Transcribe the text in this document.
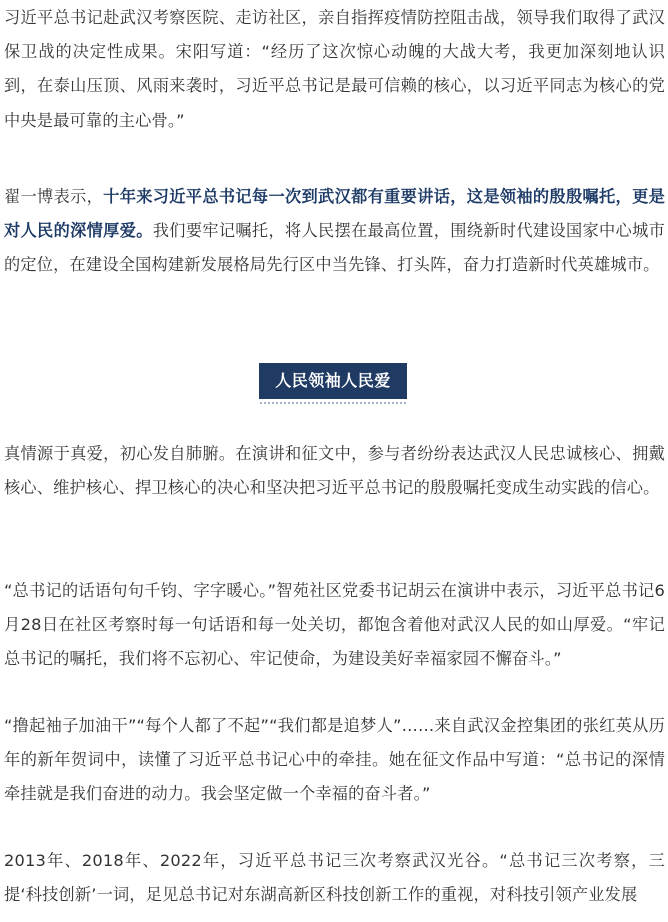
习近平总书记赴武汉考察医院、走访社区，亲自指挥疫情防控阻击战，领导我们取得了武汉保卫战的决定性成果。宋阳写道：“经历了这次惊心动魄的大战大考，我更加深刻地认识到，在泰山压顶、风雨来袭时，习近平总书记是最可信赖的核心，以习近平同志为核心的党中央是最可靠的主心骨。”

翟一博表示，十年来习近平总书记每一次到武汉都有重要讲话，这是领袖的殷殷嘱托，更是对人民的深情厚爱。我们要牢记嘱托，将人民摆在最高位置，围绕新时代建设国家中心城市的定位，在建设全国构建新发展格局先行区中当先锋、打头阵，奋力打造新时代英雄城市。

真情源于真爱，初心发自肺腑。在演讲和征文中，参与者纷纷表达武汉人民忠诚核心、拥戴核心、维护核心、捍卫核心的决心和坚决把习近平总书记的殷殷嘱托变成生动实践的信心。

“总书记的话语句句千钧、字字暖心。”智苑社区党委书记胡云在演讲中表示，习近平总书记6月28日在社区考察时每一句话语和每一处关切，都饱含着他对武汉人民的如山厚爱。“牢记总书记的嘱托，我们将不忘初心、牢记使命，为建设美好幸福家园不懈奋斗。”

“撸起袖子加油干”“每个人都了不起”“我们都是追梦人”……来自武汉金控集团的张红英从历年的新年贺词中，读懂了习近平总书记心中的牵挂。她在征文作品中写道：“总书记的深情牵挂就是我们奋进的动力。我会坚定做一个幸福的奋斗者。”

2013年、2018年、2022年，习近平总书记三次考察武汉光谷。“总书记三次考察，三提‘科技创新’一词，足见总书记对东湖高新区科技创新工作的重视，对科技引领产业发展

人民领袖人民爱
